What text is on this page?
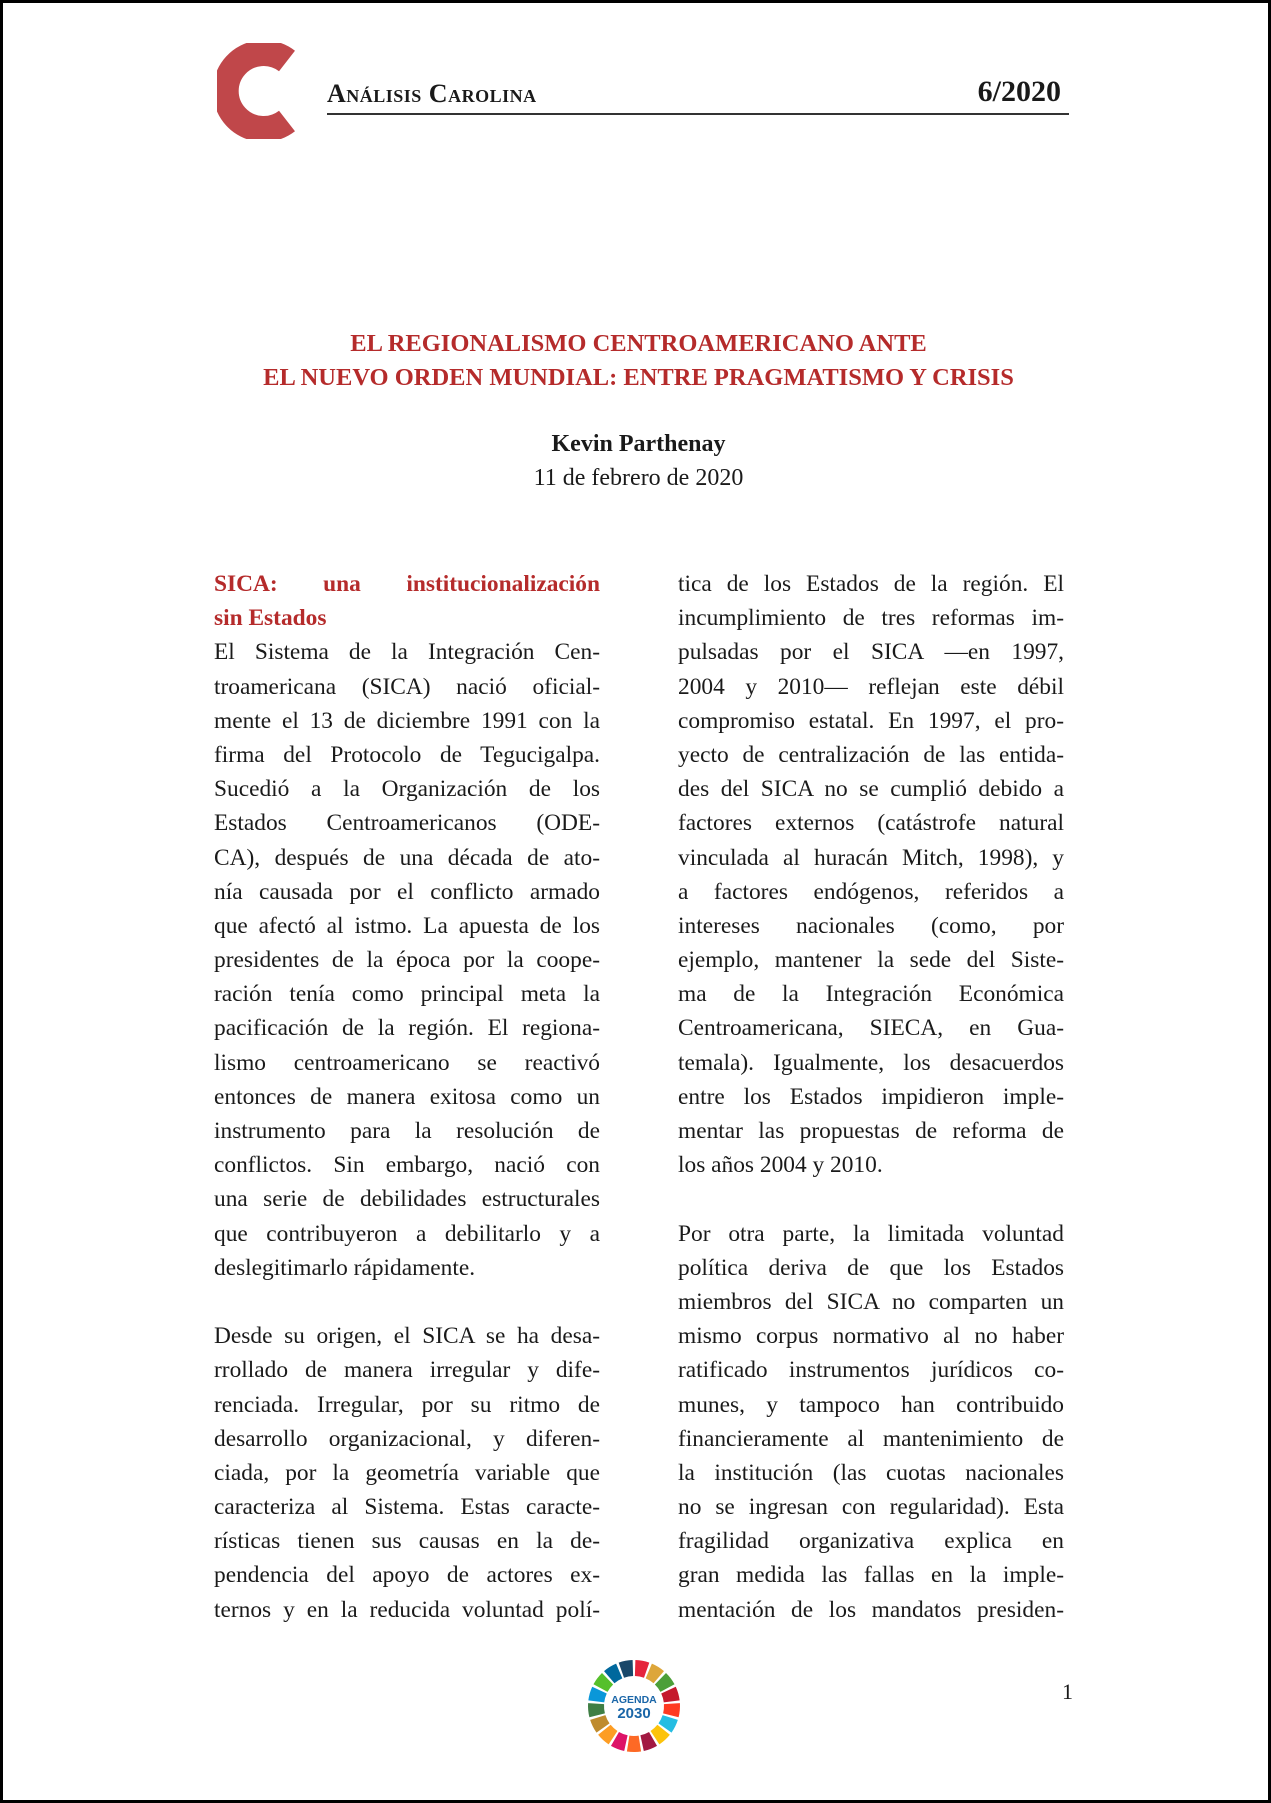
Análisis Carolina	6/2020
EL REGIONALISMO CENTROAMERICANO ANTE
EL NUEVO ORDEN MUNDIAL: ENTRE PRAGMATISMO Y CRISIS
Kevin Parthenay
11 de febrero de 2020
SICA: una institucionalización
sin Estados
El Sistema de la Integración Cen-
troamericana (SICA) nació oficial-
mente el 13 de diciembre 1991 con la
firma del Protocolo de Tegucigalpa.
Sucedió a la Organización de los
Estados Centroamericanos (ODE-
CA), después de una década de ato-
nía causada por el conflicto armado
que afectó al istmo. La apuesta de los
presidentes de la época por la coope-
ración tenía como principal meta la
pacificación de la región. El regiona-
lismo centroamericano se reactivó
entonces de manera exitosa como un
instrumento para la resolución de
conflictos. Sin embargo, nació con
una serie de debilidades estructurales
que contribuyeron a debilitarlo y a
deslegitimarlo rápidamente.
Desde su origen, el SICA se ha desa-
rrollado de manera irregular y dife-
renciada. Irregular, por su ritmo de
desarrollo organizacional, y diferen-
ciada, por la geometría variable que
caracteriza al Sistema. Estas caracte-
rísticas tienen sus causas en la de-
pendencia del apoyo de actores ex-
ternos y en la reducida voluntad polí-
tica de los Estados de la región. El
incumplimiento de tres reformas im-
pulsadas por el SICA —en 1997,
2004 y 2010— reflejan este débil
compromiso estatal. En 1997, el pro-
yecto de centralización de las entida-
des del SICA no se cumplió debido a
factores externos (catástrofe natural
vinculada al huracán Mitch, 1998), y
a factores endógenos, referidos a
intereses nacionales (como, por
ejemplo, mantener la sede del Siste-
ma de la Integración Económica
Centroamericana, SIECA, en Gua-
temala). Igualmente, los desacuerdos
entre los Estados impidieron imple-
mentar las propuestas de reforma de
los años 2004 y 2010.
Por otra parte, la limitada voluntad
política deriva de que los Estados
miembros del SICA no comparten un
mismo corpus normativo al no haber
ratificado instrumentos jurídicos co-
munes, y tampoco han contribuido
financieramente al mantenimiento de
la institución (las cuotas nacionales
no se ingresan con regularidad). Esta
fragilidad organizativa explica en
gran medida las fallas en la imple-
mentación de los mandatos presiden-
AGENDA
2030
1
